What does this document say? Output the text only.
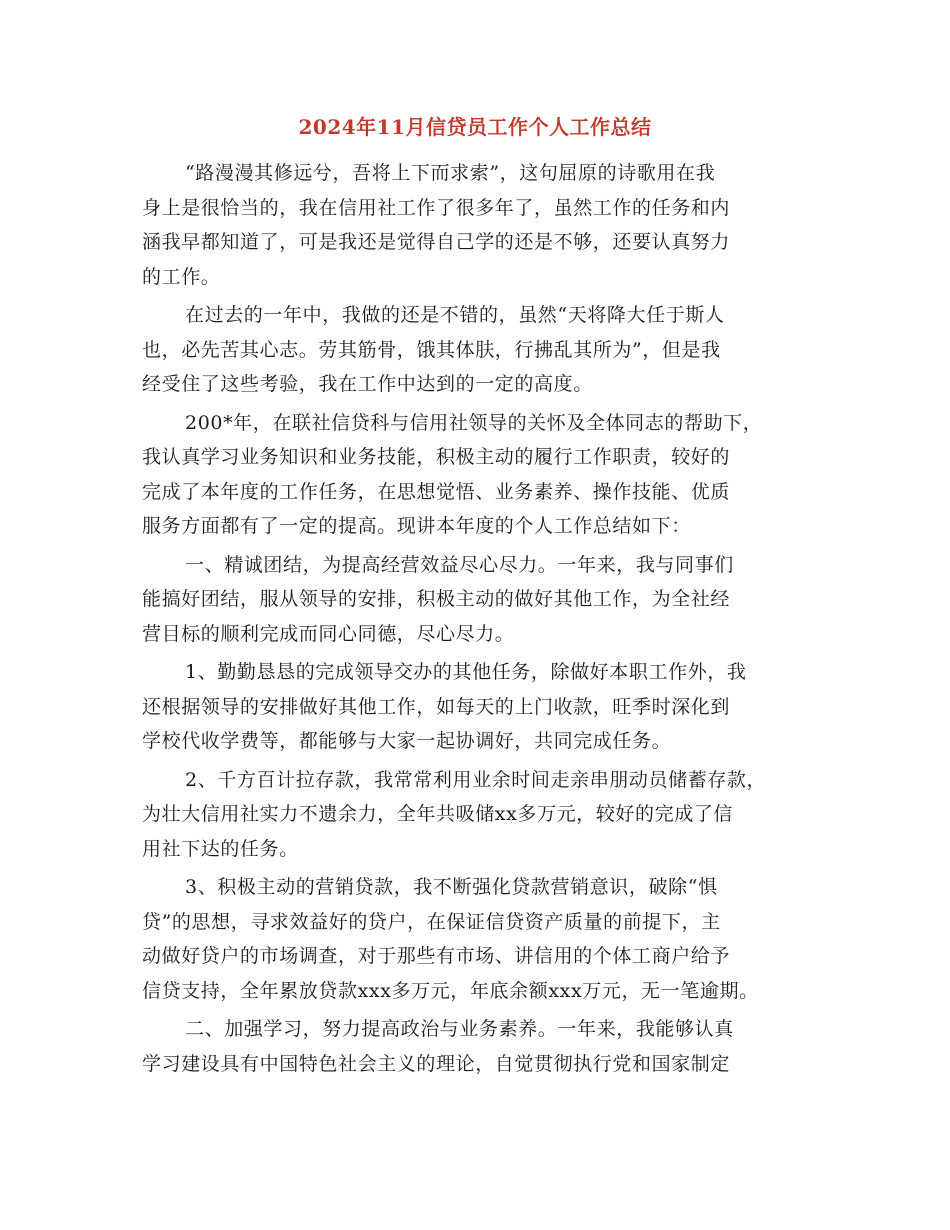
2024年11月信贷员工作个人工作总结
“路漫漫其修远兮，吾将上下而求索”，这句屈原的诗歌用在我
身上是很恰当的，我在信用社工作了很多年了，虽然工作的任务和内
涵我早都知道了，可是我还是觉得自己学的还是不够，还要认真努力
的工作。
在过去的一年中，我做的还是不错的，虽然“天将降大任于斯人
也，必先苦其心志。劳其筋骨，饿其体肤，行拂乱其所为”，但是我
经受住了这些考验，我在工作中达到的一定的高度。
200*年，在联社信贷科与信用社领导的关怀及全体同志的帮助下，
我认真学习业务知识和业务技能，积极主动的履行工作职责，较好的
完成了本年度的工作任务，在思想觉悟、业务素养、操作技能、优质
服务方面都有了一定的提高。现讲本年度的个人工作总结如下：
一、精诚团结，为提高经营效益尽心尽力。一年来，我与同事们
能搞好团结，服从领导的安排，积极主动的做好其他工作，为全社经
营目标的顺利完成而同心同德，尽心尽力。
1、勤勤恳恳的完成领导交办的其他任务，除做好本职工作外，我
还根据领导的安排做好其他工作，如每天的上门收款，旺季时深化到
学校代收学费等，都能够与大家一起协调好，共同完成任务。
2、千方百计拉存款，我常常利用业余时间走亲串朋动员储蓄存款，
为壮大信用社实力不遗余力，全年共吸储xx多万元，较好的完成了信
用社下达的任务。
3、积极主动的营销贷款，我不断强化贷款营销意识，破除“惧
贷”的思想，寻求效益好的贷户，在保证信贷资产质量的前提下，主
动做好贷户的市场调查，对于那些有市场、讲信用的个体工商户给予
信贷支持，全年累放贷款xxx多万元，年底余额xxx万元，无一笔逾期。
二、加强学习，努力提高政治与业务素养。一年来，我能够认真
学习建设具有中国特色社会主义的理论，自觉贯彻执行党和国家制定
